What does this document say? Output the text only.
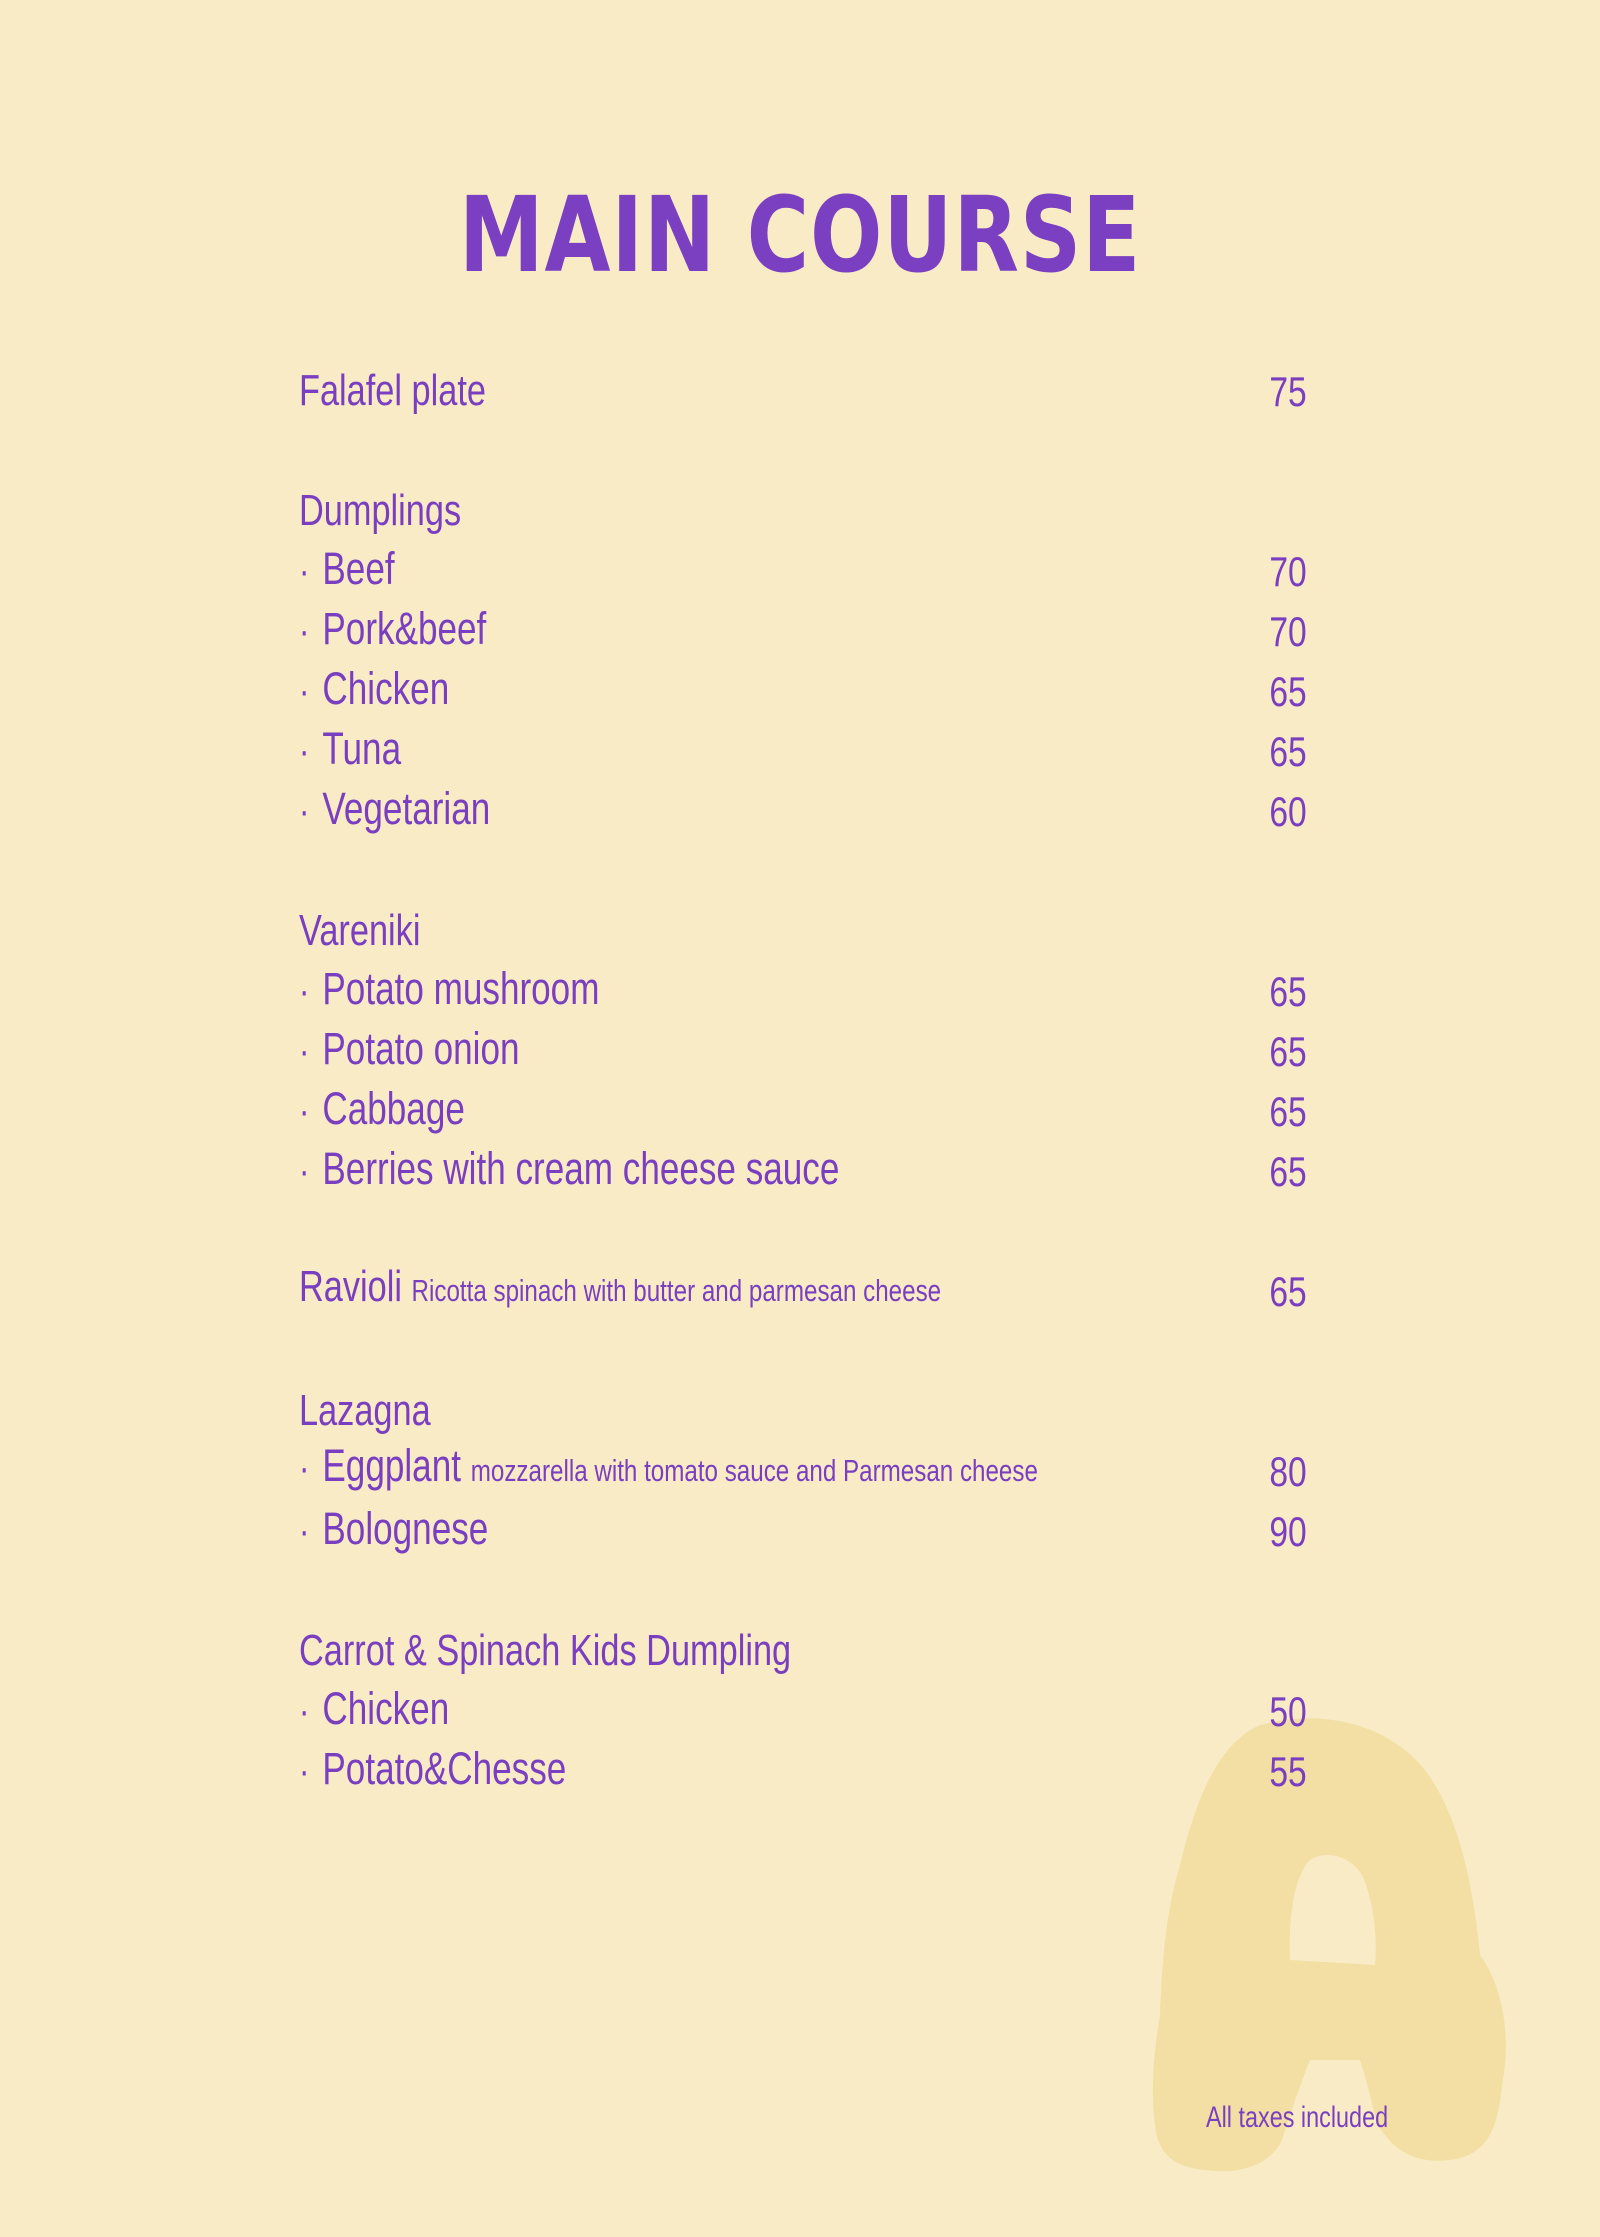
MAIN COURSE
Falafel plate	75
Dumplings
· Beef	70
· Pork&beef	70
· Chicken	65
· Tuna	65
· Vegetarian	60
Vareniki
· Potato mushroom	65
· Potato onion	65
· Cabbage	65
· Berries with cream cheese sauce	65
Ravioli Ricotta spinach with butter and parmesan cheese	65
Lazagna
· Eggplant mozzarella with tomato sauce and Parmesan cheese	80
· Bolognese	90
Carrot & Spinach Kids Dumpling
· Chicken	50
· Potato&Chesse	55
All taxes included
